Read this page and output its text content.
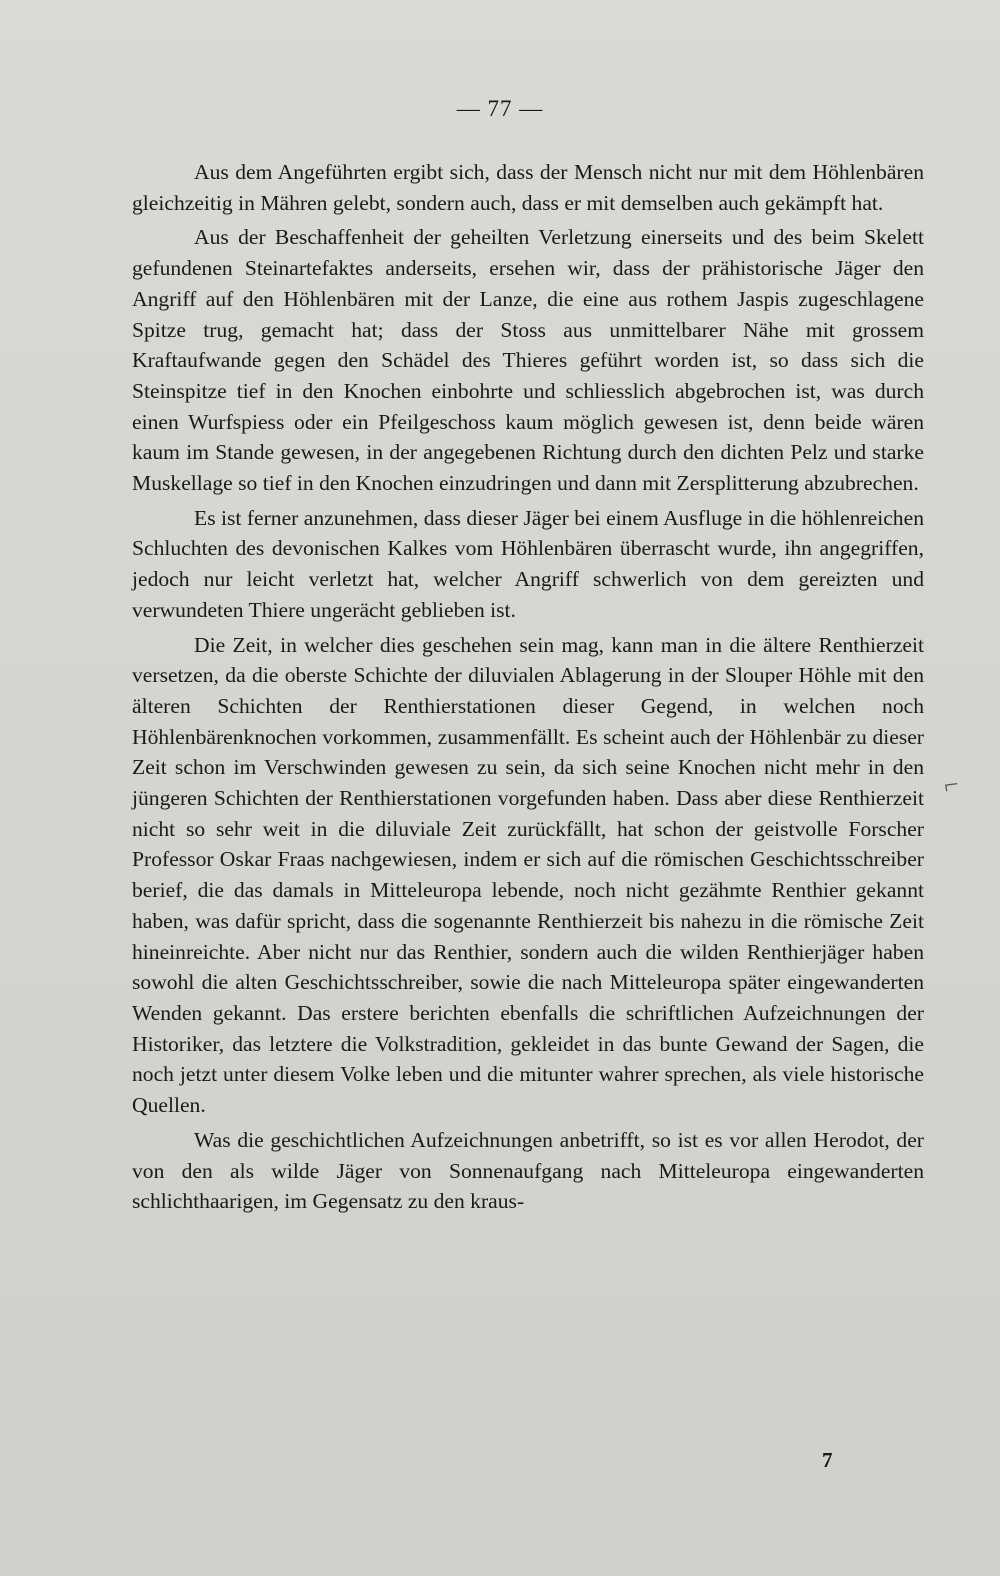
— 77 —

Aus dem Angeführten ergibt sich, dass der Mensch nicht nur mit dem Höhlenbären gleichzeitig in Mähren gelebt, sondern auch, dass er mit demselben auch gekämpft hat.

Aus der Beschaffenheit der geheilten Verletzung einerseits und des beim Skelett gefundenen Steinartefaktes anderseits, ersehen wir, dass der prähistorische Jäger den Angriff auf den Höhlenbären mit der Lanze, die eine aus rothem Jaspis zugeschlagene Spitze trug, gemacht hat; dass der Stoss aus unmittelbarer Nähe mit grossem Kraftaufwande gegen den Schädel des Thieres geführt worden ist, so dass sich die Steinspitze tief in den Knochen einbohrte und schliesslich abgebrochen ist, was durch einen Wurfspiess oder ein Pfeilgeschoss kaum möglich gewesen ist, denn beide wären kaum im Stande gewesen, in der angegebenen Richtung durch den dichten Pelz und starke Muskellage so tief in den Knochen einzudringen und dann mit Zersplitterung abzubrechen.

Es ist ferner anzunehmen, dass dieser Jäger bei einem Ausfluge in die höhlenreichen Schluchten des devonischen Kalkes vom Höhlenbären überrascht wurde, ihn angegriffen, jedoch nur leicht verletzt hat, welcher Angriff schwerlich von dem gereizten und verwundeten Thiere ungerächt geblieben ist.

Die Zeit, in welcher dies geschehen sein mag, kann man in die ältere Renthierzeit versetzen, da die oberste Schichte der diluvialen Ablagerung in der Slouper Höhle mit den älteren Schichten der Renthierstationen dieser Gegend, in welchen noch Höhlenbärenknochen vorkommen, zusammenfällt. Es scheint auch der Höhlenbär zu dieser Zeit schon im Verschwinden gewesen zu sein, da sich seine Knochen nicht mehr in den jüngeren Schichten der Renthierstationen vorgefunden haben. Dass aber diese Renthierzeit nicht so sehr weit in die diluviale Zeit zurückfällt, hat schon der geistvolle Forscher Professor Oskar Fraas nachgewiesen, indem er sich auf die römischen Geschichtsschreiber berief, die das damals in Mitteleuropa lebende, noch nicht gezähmte Renthier gekannt haben, was dafür spricht, dass die sogenannte Renthierzeit bis nahezu in die römische Zeit hineinreichte. Aber nicht nur das Renthier, sondern auch die wilden Renthierjäger haben sowohl die alten Geschichtsschreiber, sowie die nach Mitteleuropa später eingewanderten Wenden gekannt. Das erstere berichten ebenfalls die schriftlichen Aufzeichnungen der Historiker, das letztere die Volkstradition, gekleidet in das bunte Gewand der Sagen, die noch jetzt unter diesem Volke leben und die mitunter wahrer sprechen, als viele historische Quellen.

Was die geschichtlichen Aufzeichnungen anbetrifft, so ist es vor allen Herodot, der von den als wilde Jäger von Sonnenaufgang nach Mitteleuropa eingewanderten schlichthaarigen, im Gegensatz zu den kraus-

⌐
7
